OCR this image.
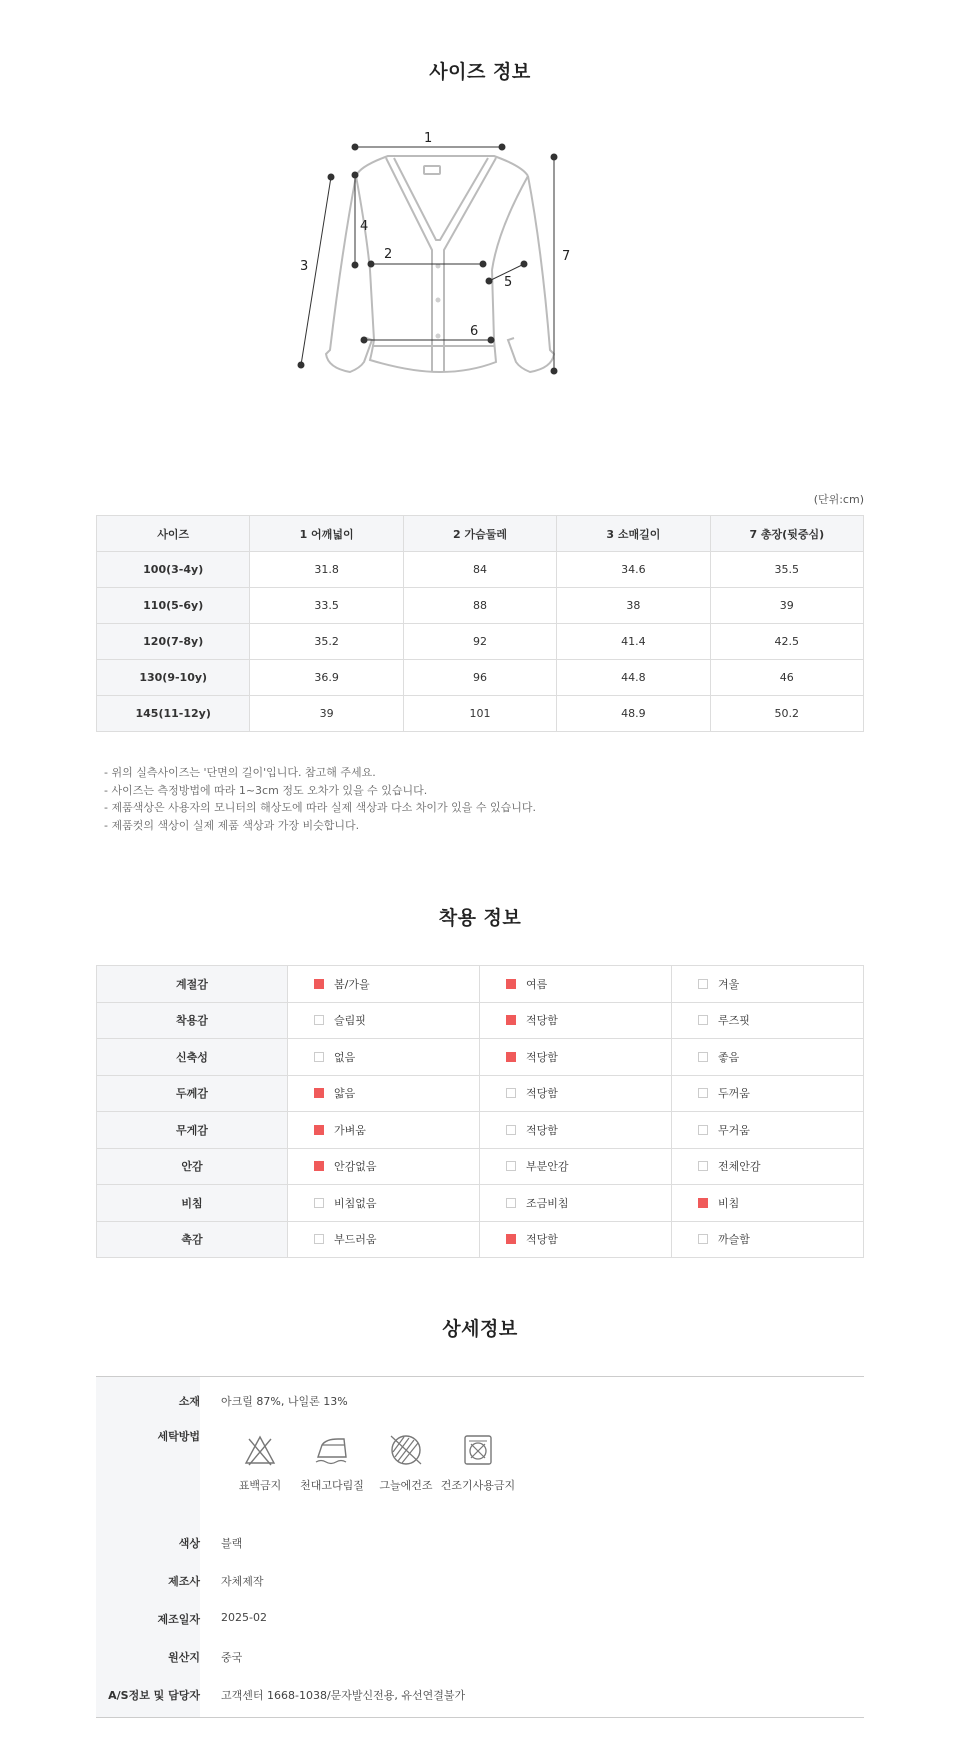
사이즈 정보
1
2
3
4
5
6
7
(단위:cm)
사이즈	1 어깨넓이	2 가슴둘레	3 소매길이	7 총장(뒷중심)
100(3-4y)	31.8	84	34.6	35.5
110(5-6y)	33.5	88	38	39
120(7-8y)	35.2	92	41.4	42.5
130(9-10y)	36.9	96	44.8	46
145(11-12y)	39	101	48.9	50.2
- 위의 실측사이즈는 '단면의 길이'입니다. 참고해 주세요.
- 사이즈는 측정방법에 따라 1~3cm 정도 오차가 있을 수 있습니다.
- 제품색상은 사용자의 모니터의 해상도에 따라 실제 색상과 다소 차이가 있을 수 있습니다.
- 제품컷의 색상이 실제 제품 색상과 가장 비슷합니다.
착용 정보
계절감	봄/가을	여름	겨울
착용감	슬림핏	적당함	루즈핏
신축성	없음	적당함	좋음
두께감	얇음	적당함	두꺼움
무게감	가벼움	적당함	무거움
안감	안감없음	부분안감	전체안감
비침	비침없음	조금비침	비침
촉감	부드러움	적당함	까슬함
상세정보
소재 아크릴 87%, 나일론 13%
세탁방법
표백금지	천대고다림질	그늘에건조 건조기사용금지
색상 블랙
제조사 자체제작
제조일자 2025-02
원산지 중국
A/S정보 및 담당자 고객센터 1668-1038/문자발신전용, 유선연결불가
